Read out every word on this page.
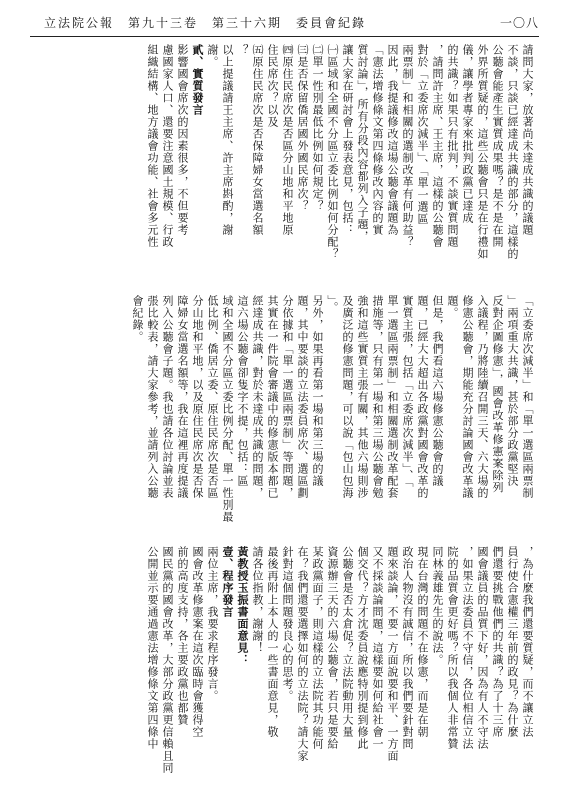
一〇八
立法院公報　第九十三卷　第三十六期　委員會紀錄
請問大家，放著尚未達成共識的議題
不談，只談已經達成共識的部分，這樣的
公聽會能產生實質成果嗎？是不是在開
外界所質疑的，這些公聽會只是在行禮如
儀，讓學者專家來批判政黨已達成
的共識？如果只有批判，不談實質問題
，請問許主席、王主席，這樣的公聽會
對於「立委席次減半」、「單一選區
兩票制」和相關的選制改革有何助益？
因此，我提議修改這場公聽會議題為
「憲法增修條文第四條修改內容的實
質討論」，所有分段內容都列入子題，
讓大家在研討會上發表意見，包括：
㈠區域和全國不分區立委比例如何分配？
㈡單一性別最低比例如何規定？
㈢是否保留僑居國外國民席次？
㈣原住民席次是否區分山地和平地原
住民席次？以及
㈤原住民席次是否保障婦女當選名額
？
以上提議請王主席、許主席斟酌，謝
謝。
貳、實質發言
影響國會席次的因素很多，不但要考
慮國家人口、還要注意國土規模、行政
組織結構、地方議會功能、社會多元性
「立委席次減半」和「單一選區兩票制
」兩項重大共識，甚於部分政黨堅決
反對企圖修憲」，國會改革修憲案除列
入議程，乃將陸續召開三天、六大場的
修憲公聽會，期能充分討論國會改革議
題。
但是，我們看這六場修憲公聽會的議
題，已經大大超出各政黨對國會改革的
實質主張，包括「立委席次減半」、「
單一選區兩票制」和相關選制改革配套
措施等，只有第一場和第三場公聽會勉
強和這些實質主張有關，其他六場則涉
及廣泛的修憲問題，可以說「包山包海
」。
另外，如果再看第一場和第三場的議
題，其中要談的立法委員席次、選區劃
分依據和「單一選區兩票制」等問題，
其實在一件院會審議中的修憲版本都已
經達成共識，對於未達成共識的問題，
這六場公聽會卻隻字不提，包括：區
域和全國不分區立委比例分配、單一性別最
低比例、僑居立委、原住民席次是否區
分山地和平地，以及原住民席次是否保
障婦女當選名額等，我在這裡再度提議
列入公聽會子題。我也請各位討論並表
張比較表，請大家參考，並請列入公聽
會紀錄。
，為什麼我們還要質疑，而不讓立法
員行使合憲權三年前的政見？為什麼
們還要挑戰他們的共識？為了十三席
國會議員的品質下好，因為有人不守法
，如果立法委員不守信，各位相信立法
院的品質會更好嗎？所以我個人非常贊
同林義雄先生的說法。
現在台灣的問題不在修憲，而是在朝
政治人物沒有誠信，所以我們要針對問
題來談論，不要一方面說要和平、一方面
又不採談論問題，這樣要如何給社會一
個交代？方才沈委員說應特別提到修此
公聽會是否太倉促？立法院動用大量
資源辦三天的六場公聽會，若只是要給
某政黨面子，則這樣的立法院其功能何
在？我們還要選擇如何的立法院？請大家
針對這個問題發良心的思考。
最後再附上本人的一些書面意見，敬
請各位指教，謝謝！
黃教授玉振書面意見：
壹、程序發言
兩位主席，我要求程序發言。
國會改革修憲案在這次臨時會獲得空
前的高度支持，各主要政黨也都贊
國民黨的國會改革，大部分政黨更信賴且同
公開並示要通過憲法增修條文第四條中
